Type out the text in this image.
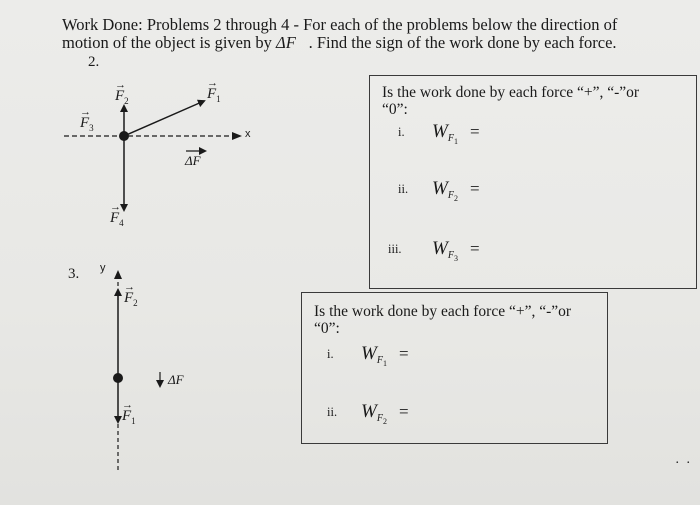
Work Done: Problems 2 through 4 - For each of the problems below the direction of
motion of the object is given by ΔF⃗. Find the sign of the work done by each force.
2.
→
$F_2$
→
$F_1$
→
$F_3$
→
$F_4$
x
ΔF
Is the work done by each force “+”, “-”or
“0”:
i.	W F 1 =
ii.	W F 2 =
iii.	W F 3 =
3. y
→
$F_2$
→
$F_1$
ΔF
Is the work done by each force “+”, “-”or
“0”:
i.	W F 1 =
ii.	W F 2 =
. .
